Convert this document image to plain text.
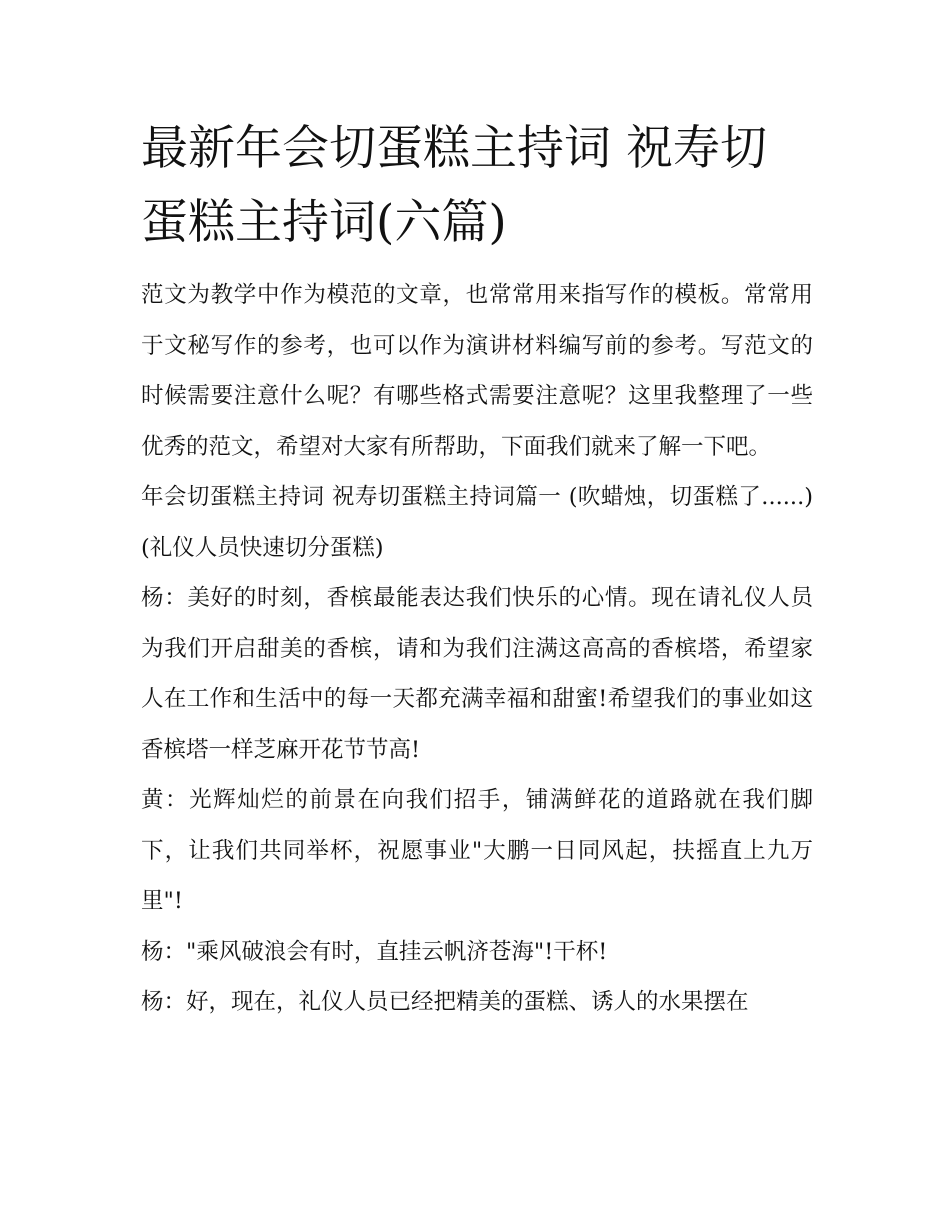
最新年会切蛋糕主持词 祝寿切蛋糕主持词(六篇)

范文为教学中作为模范的文章，也常常用来指写作的模板。常常用于文秘写作的参考，也可以作为演讲材料编写前的参考。写范文的时候需要注意什么呢？有哪些格式需要注意呢？这里我整理了一些优秀的范文，希望对大家有所帮助，下面我们就来了解一下吧。

年会切蛋糕主持词 祝寿切蛋糕主持词篇一 (吹蜡烛，切蛋糕了......)(礼仪人员快速切分蛋糕)

杨：美好的时刻，香槟最能表达我们快乐的心情。现在请礼仪人员为我们开启甜美的香槟，请和为我们注满这高高的香槟塔，希望家人在工作和生活中的每一天都充满幸福和甜蜜!希望我们的事业如这香槟塔一样芝麻开花节节高!

黄：光辉灿烂的前景在向我们招手，铺满鲜花的道路就在我们脚下，让我们共同举杯，祝愿事业"大鹏一日同风起，扶摇直上九万里"!

杨："乘风破浪会有时，直挂云帆济苍海"!干杯!

杨：好，现在，礼仪人员已经把精美的蛋糕、诱人的水果摆在
